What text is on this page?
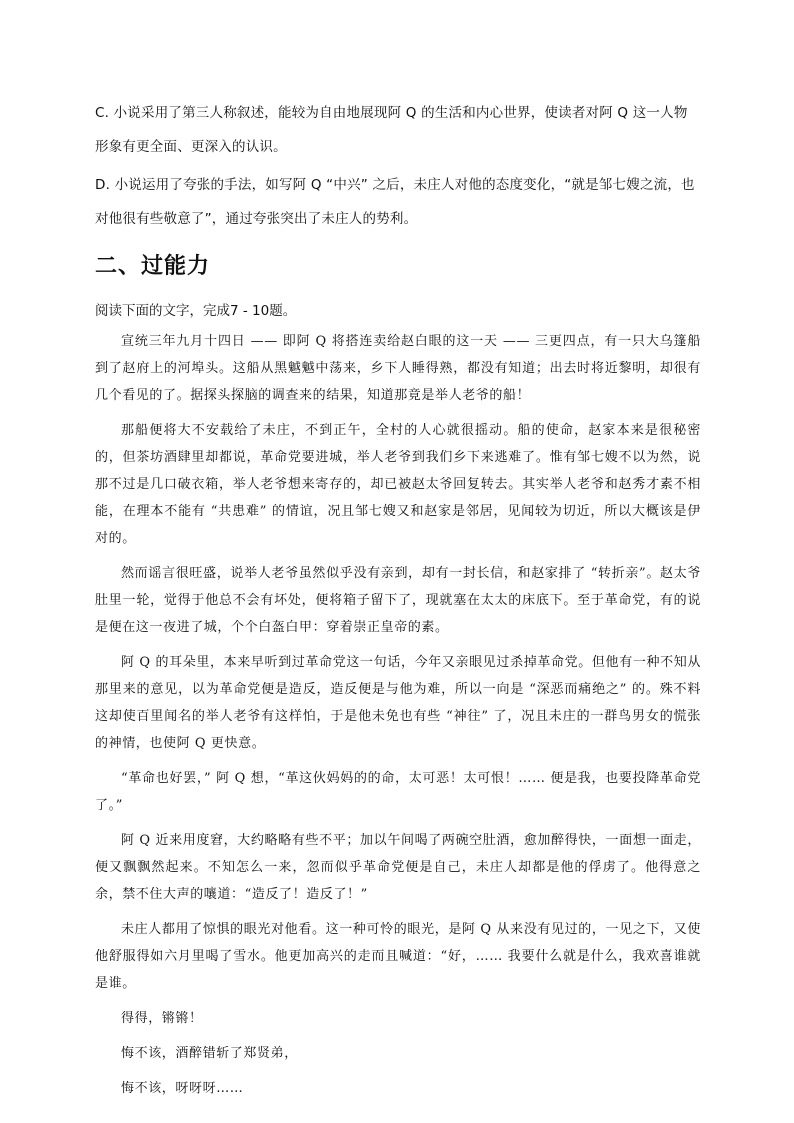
C. 小说采用了第三人称叙述，能较为自由地展现阿 Q 的生活和内心世界，使读者对阿 Q 这一人物形象有更全面、更深入的认识。
D. 小说运用了夸张的手法，如写阿 Q “中兴” 之后，未庄人对他的态度变化，“就是邹七嫂之流，也对他很有些敬意了”，通过夸张突出了未庄人的势利。
二、过能力
阅读下面的文字，完成7 - 10题。

宣统三年九月十四日 —— 即阿 Q 将搭连卖给赵白眼的这一天 —— 三更四点，有一只大乌篷船到了赵府上的河埠头。这船从黑魆魆中荡来，乡下人睡得熟，都没有知道；出去时将近黎明，却很有几个看见的了。据探头探脑的调查来的结果，知道那竟是举人老爷的船！

那船便将大不安载给了未庄，不到正午，全村的人心就很摇动。船的使命，赵家本来是很秘密的，但茶坊酒肆里却都说，革命党要进城，举人老爷到我们乡下来逃难了。惟有邹七嫂不以为然，说那不过是几口破衣箱，举人老爷想来寄存的，却已被赵太爷回复转去。其实举人老爷和赵秀才素不相能，在理本不能有 “共患难” 的情谊，况且邹七嫂又和赵家是邻居，见闻较为切近，所以大概该是伊对的。

然而谣言很旺盛，说举人老爷虽然似乎没有亲到，却有一封长信，和赵家排了 “转折亲”。赵太爷肚里一轮，觉得于他总不会有坏处，便将箱子留下了，现就塞在太太的床底下。至于革命党，有的说是便在这一夜进了城，个个白盔白甲：穿着崇正皇帝的素。

阿 Q 的耳朵里，本来早听到过革命党这一句话，今年又亲眼见过杀掉革命党。但他有一种不知从那里来的意见，以为革命党便是造反，造反便是与他为难，所以一向是 “深恶而痛绝之” 的。殊不料这却使百里闻名的举人老爷有这样怕，于是他未免也有些 “神往” 了，况且未庄的一群鸟男女的慌张的神情，也使阿 Q 更快意。

“革命也好罢，” 阿 Q 想，“革这伙妈妈的的命，太可恶！太可恨！…… 便是我，也要投降革命党了。”

阿 Q 近来用度窘，大约略略有些不平；加以午间喝了两碗空肚酒，愈加醉得快，一面想一面走，便又飘飘然起来。不知怎么一来，忽而似乎革命党便是自己，未庄人却都是他的俘虏了。他得意之余，禁不住大声的嚷道：“造反了！造反了！”

未庄人都用了惊惧的眼光对他看。这一种可怜的眼光，是阿 Q 从来没有见过的，一见之下，又使他舒服得如六月里喝了雪水。他更加高兴的走而且喊道：“好，…… 我要什么就是什么，我欢喜谁就是谁。

得得，锵锵！

悔不该，酒醉错斩了郑贤弟，

悔不该，呀呀呀……
